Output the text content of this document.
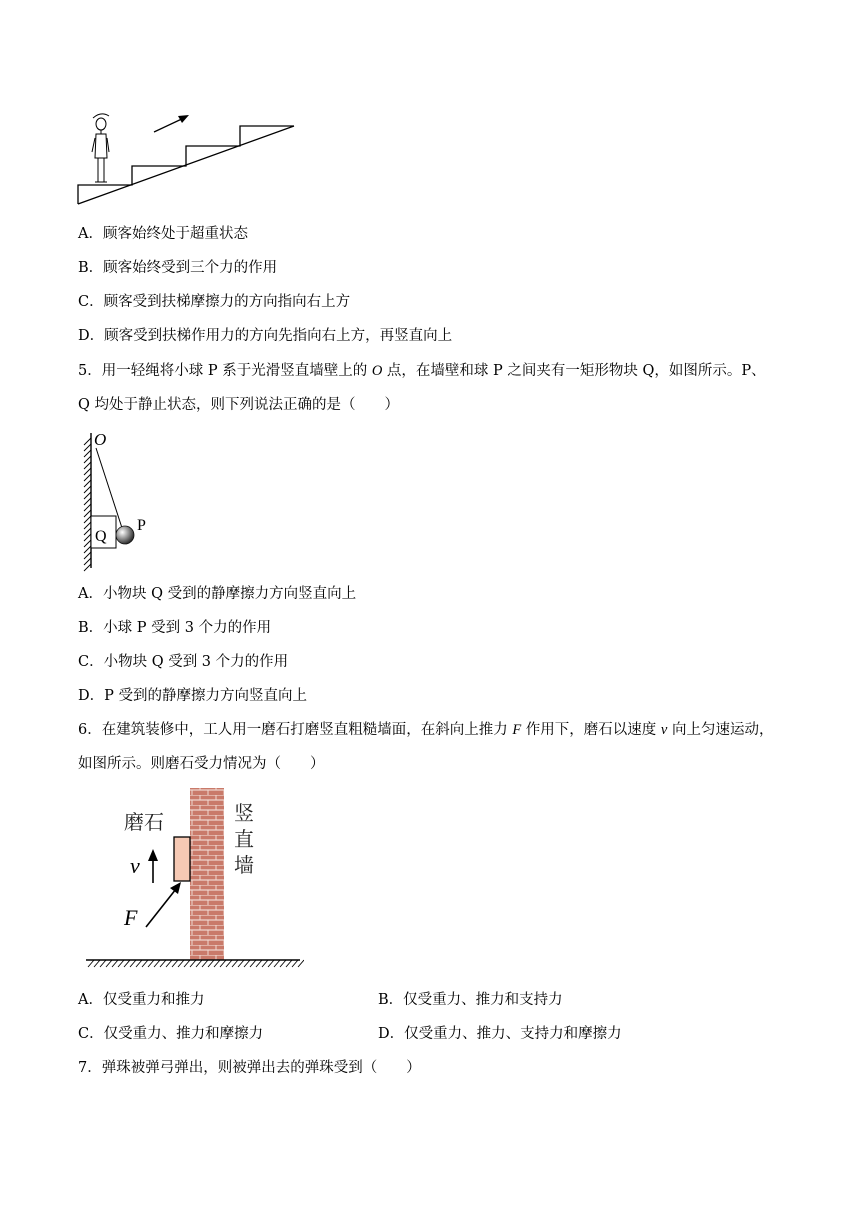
A．顾客始终处于超重状态
B．顾客始终受到三个力的作用
C．顾客受到扶梯摩擦力的方向指向右上方
D．顾客受到扶梯作用力的方向先指向右上方，再竖直向上
5．用一轻绳将小球 P 系于光滑竖直墙壁上的 O 点，在墙壁和球 P 之间夹有一矩形物块 Q，如图所示。P、
Q 均处于静止状态，则下列说法正确的是（　　）
O
Q
P
A．小物块 Q 受到的静摩擦力方向竖直向上
B．小球 P 受到 3 个力的作用
C．小物块 Q 受到 3 个力的作用
D．P 受到的静摩擦力方向竖直向上
6．在建筑装修中，工人用一磨石打磨竖直粗糙墙面，在斜向上推力 F 作用下，磨石以速度 v 向上匀速运动，
如图所示。则磨石受力情况为（　　）
磨石	竖直墙
v
F
A．仅受重力和推力	B．仅受重力、推力和支持力
C．仅受重力、推力和摩擦力	D．仅受重力、推力、支持力和摩擦力
7．弹珠被弹弓弹出，则被弹出去的弹珠受到（　　）
